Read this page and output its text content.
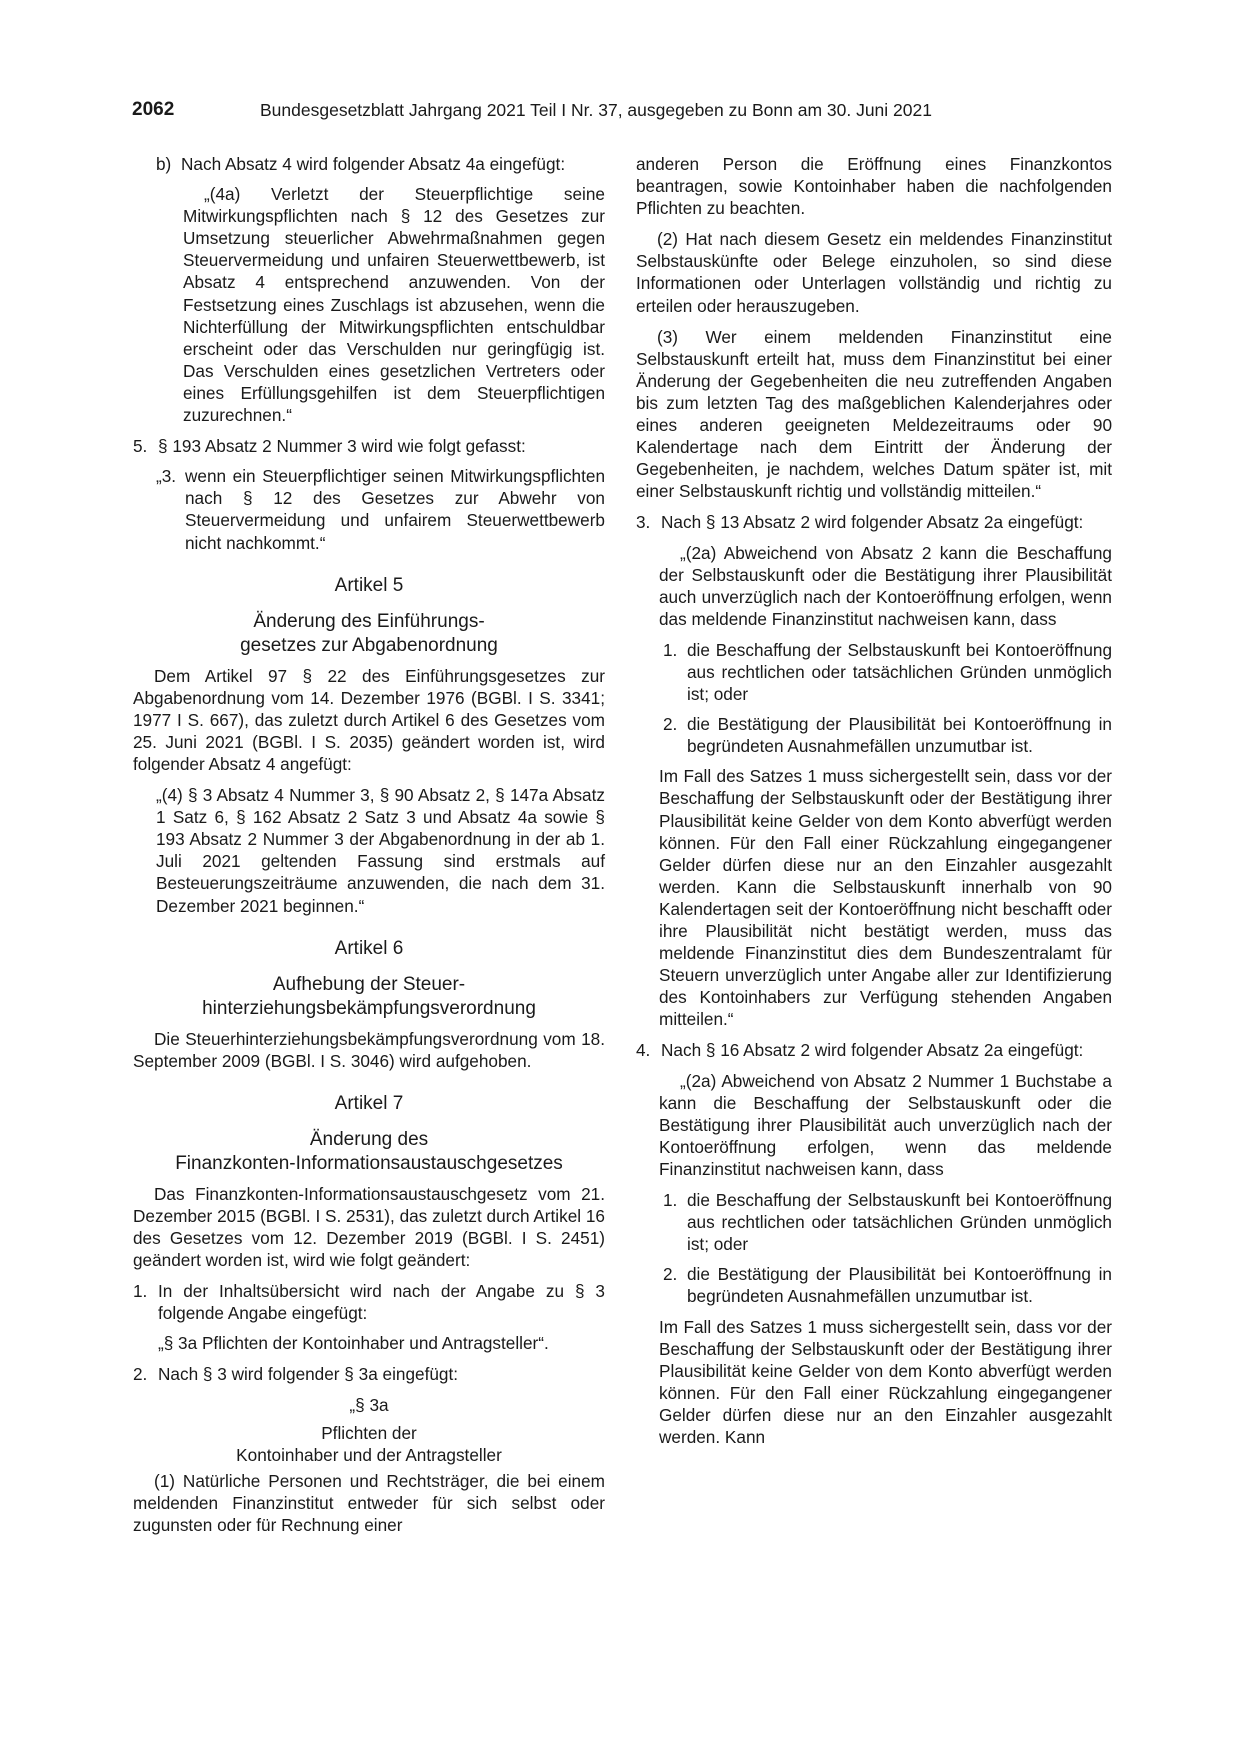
2062	Bundesgesetzblatt Jahrgang 2021 Teil I Nr. 37, ausgegeben zu Bonn am 30. Juni 2021
b) Nach Absatz 4 wird folgender Absatz 4a eingefügt:

„(4a) Verletzt der Steuerpflichtige seine Mitwirkungspflichten nach § 12 des Gesetzes zur Umsetzung steuerlicher Abwehrmaßnahmen gegen Steuervermeidung und unfairen Steuerwettbewerb, ist Absatz 4 entsprechend anzuwenden. Von der Festsetzung eines Zuschlags ist abzusehen, wenn die Nichterfüllung der Mitwirkungspflichten entschuldbar erscheint oder das Verschulden nur geringfügig ist. Das Verschulden eines gesetzlichen Vertreters oder eines Erfüllungsgehilfen ist dem Steuerpflichtigen zuzurechnen.“

5. § 193 Absatz 2 Nummer 3 wird wie folgt gefasst:
„3. wenn ein Steuerpflichtiger seinen Mitwirkungspflichten nach § 12 des Gesetzes zur Abwehr von Steuervermeidung und unfairem Steuerwettbewerb nicht nachkommt.“
Artikel 5
Änderung des Einführungs-
gesetzes zur Abgabenordnung

Dem Artikel 97 § 22 des Einführungsgesetzes zur Abgabenordnung vom 14. Dezember 1976 (BGBl. I S. 3341; 1977 I S. 667), das zuletzt durch Artikel 6 des Gesetzes vom 25. Juni 2021 (BGBl. I S. 2035) geändert worden ist, wird folgender Absatz 4 angefügt:

„(4) § 3 Absatz 4 Nummer 3, § 90 Absatz 2, § 147a Absatz 1 Satz 6, § 162 Absatz 2 Satz 3 und Absatz 4a sowie § 193 Absatz 2 Nummer 3 der Abgabenordnung in der ab 1. Juli 2021 geltenden Fassung sind erstmals auf Besteuerungszeiträume anzuwenden, die nach dem 31. Dezember 2021 beginnen.“

Artikel 6
Aufhebung der Steuer-
hinterziehungsbekämpfungsverordnung

Die Steuerhinterziehungsbekämpfungsverordnung vom 18. September 2009 (BGBl. I S. 3046) wird aufgehoben.

Artikel 7
Änderung des
Finanzkonten-Informationsaustauschgesetzes

Das Finanzkonten-Informationsaustauschgesetz vom 21. Dezember 2015 (BGBl. I S. 2531), das zuletzt durch Artikel 16 des Gesetzes vom 12. Dezember 2019 (BGBl. I S. 2451) geändert worden ist, wird wie folgt geändert:

1. In der Inhaltsübersicht wird nach der Angabe zu § 3 folgende Angabe eingefügt:

„§ 3a Pflichten der Kontoinhaber und Antragsteller“.

2. Nach § 3 wird folgender § 3a eingefügt:

„§ 3a

Pflichten der

Kontoinhaber und der Antragsteller

(1) Natürliche Personen und Rechtsträger, die bei einem meldenden Finanzinstitut entweder für sich selbst oder zugunsten oder für Rechnung einer

anderen Person die Eröffnung eines Finanzkontos beantragen, sowie Kontoinhaber haben die nachfolgenden Pflichten zu beachten.

(2) Hat nach diesem Gesetz ein meldendes Finanzinstitut Selbstauskünfte oder Belege einzuholen, so sind diese Informationen oder Unterlagen vollständig und richtig zu erteilen oder herauszugeben.

(3) Wer einem meldenden Finanzinstitut eine Selbstauskunft erteilt hat, muss dem Finanzinstitut bei einer Änderung der Gegebenheiten die neu zutreffenden Angaben bis zum letzten Tag des maßgeblichen Kalenderjahres oder eines anderen geeigneten Meldezeitraums oder 90 Kalendertage nach dem Eintritt der Änderung der Gegebenheiten, je nachdem, welches Datum später ist, mit einer Selbstauskunft richtig und vollständig mitteilen.“

3. Nach § 13 Absatz 2 wird folgender Absatz 2a eingefügt:

„(2a) Abweichend von Absatz 2 kann die Beschaffung der Selbstauskunft oder die Bestätigung ihrer Plausibilität auch unverzüglich nach der Kontoeröffnung erfolgen, wenn das meldende Finanzinstitut nachweisen kann, dass

1. die Beschaffung der Selbstauskunft bei Kontoeröffnung aus rechtlichen oder tatsächlichen Gründen unmöglich ist; oder
2. die Bestätigung der Plausibilität bei Kontoeröffnung in begründeten Ausnahmefällen unzumutbar ist.

Im Fall des Satzes 1 muss sichergestellt sein, dass vor der Beschaffung der Selbstauskunft oder der Bestätigung ihrer Plausibilität keine Gelder von dem Konto abverfügt werden können. Für den Fall einer Rückzahlung eingegangener Gelder dürfen diese nur an den Einzahler ausgezahlt werden. Kann die Selbstauskunft innerhalb von 90 Kalendertagen seit der Kontoeröffnung nicht beschafft oder ihre Plausibilität nicht bestätigt werden, muss das meldende Finanzinstitut dies dem Bundeszentralamt für Steuern unverzüglich unter Angabe aller zur Identifizierung des Kontoinhabers zur Verfügung stehenden Angaben mitteilen.“

4. Nach § 16 Absatz 2 wird folgender Absatz 2a eingefügt:

„(2a) Abweichend von Absatz 2 Nummer 1 Buchstabe a kann die Beschaffung der Selbstauskunft oder die Bestätigung ihrer Plausibilität auch unverzüglich nach der Kontoeröffnung erfolgen, wenn das meldende Finanzinstitut nachweisen kann, dass

1. die Beschaffung der Selbstauskunft bei Kontoeröffnung aus rechtlichen oder tatsächlichen Gründen unmöglich ist; oder
2. die Bestätigung der Plausibilität bei Kontoeröffnung in begründeten Ausnahmefällen unzumutbar ist.

Im Fall des Satzes 1 muss sichergestellt sein, dass vor der Beschaffung der Selbstauskunft oder der Bestätigung ihrer Plausibilität keine Gelder von dem Konto abverfügt werden können. Für den Fall einer Rückzahlung eingegangener Gelder dürfen diese nur an den Einzahler ausgezahlt werden. Kann
